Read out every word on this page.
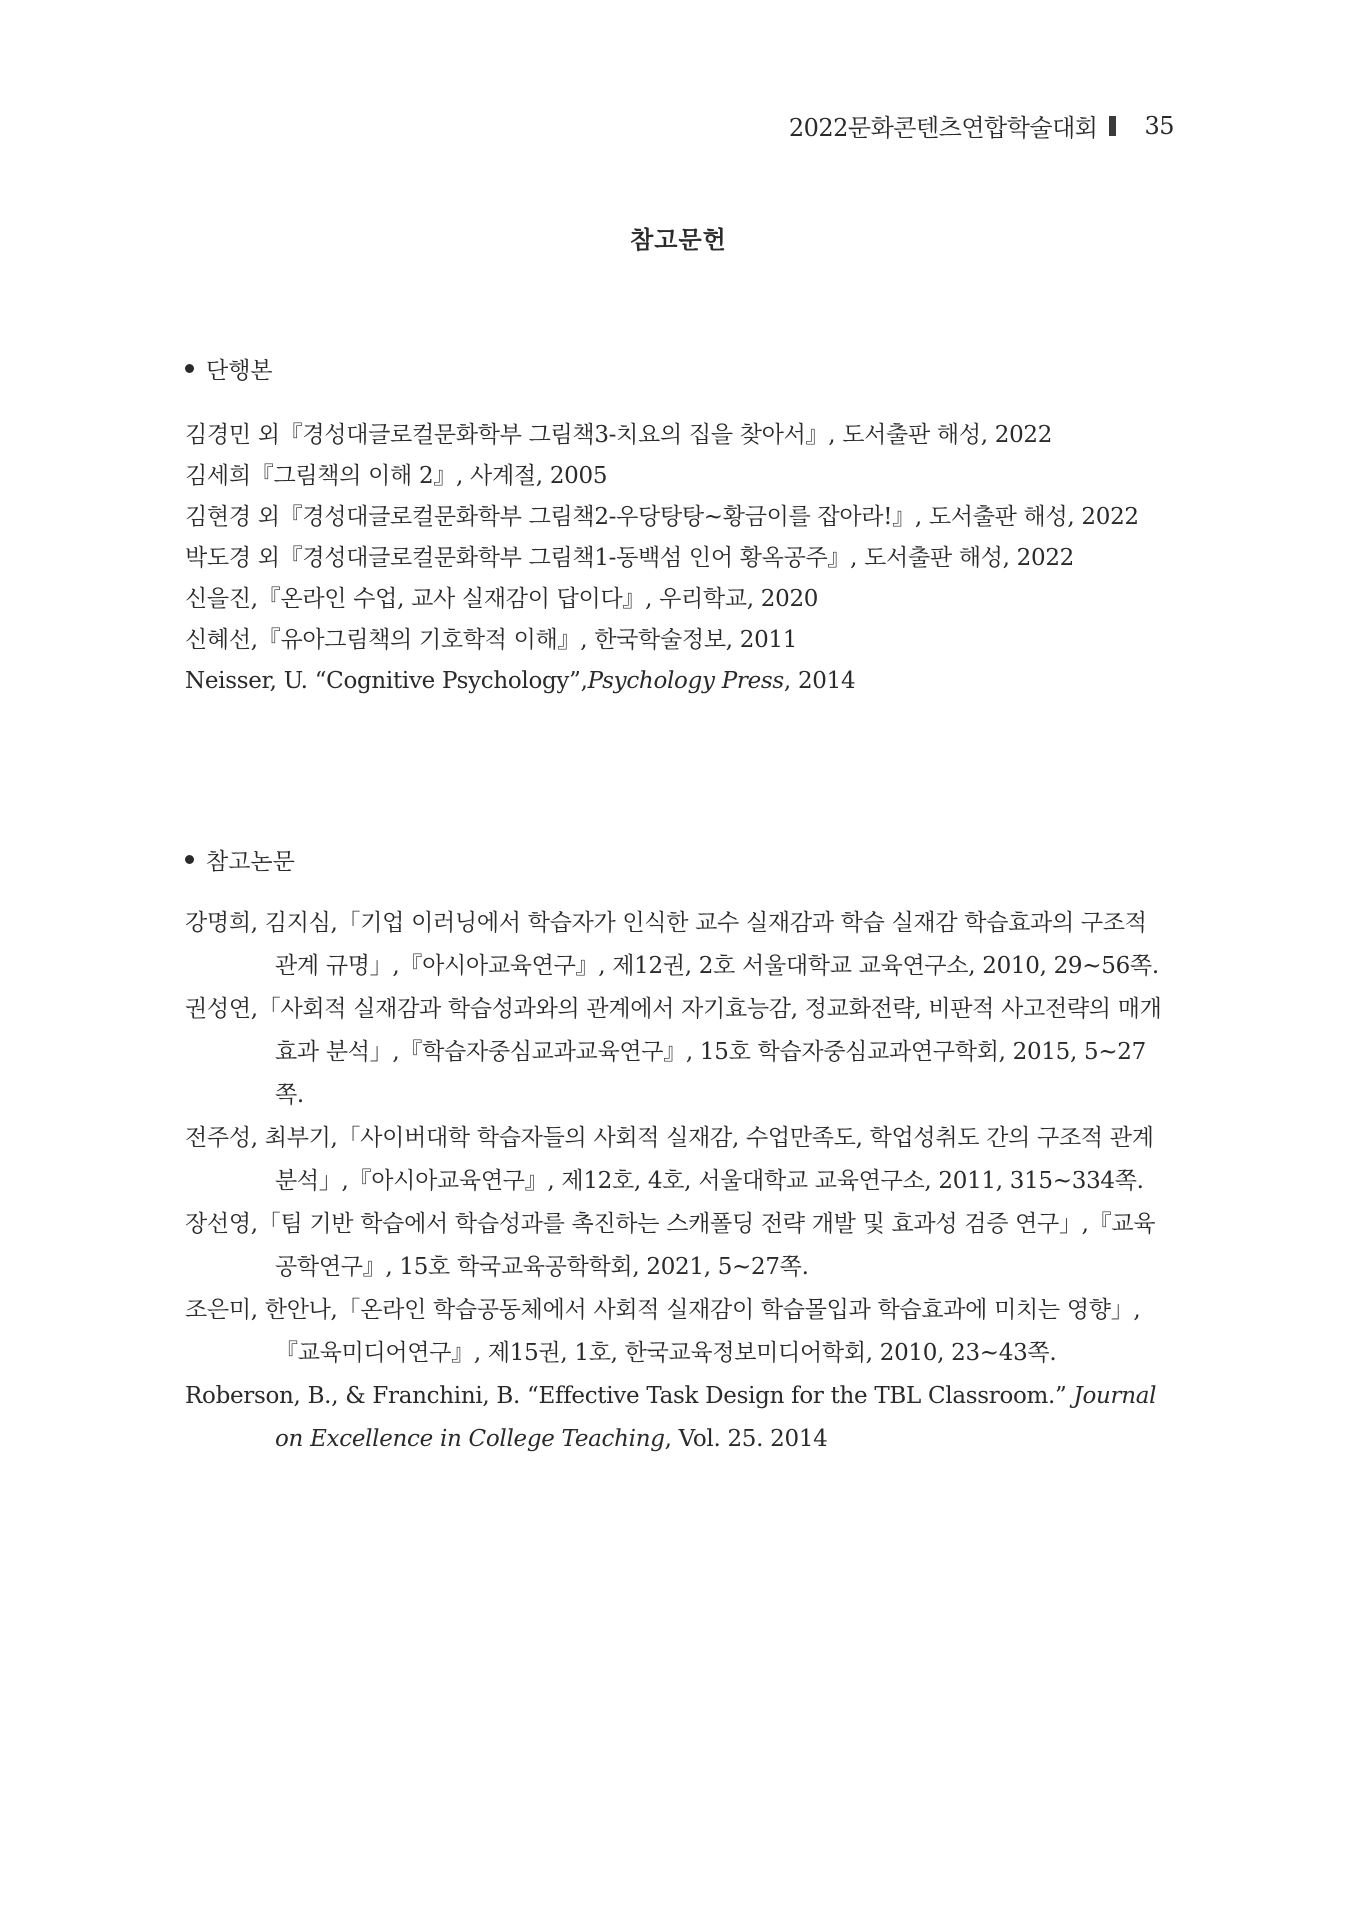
2022문화콘텐츠연합학술대회 35
참고문헌
단행본

김경민 외『경성대글로컬문화학부 그림책3-치요의 집을 찾아서』, 도서출판 해성, 2022

김세희『그림책의 이해 2』, 사계절, 2005

김현경 외『경성대글로컬문화학부 그림책2-우당탕탕~황금이를 잡아라!』, 도서출판 해성, 2022

박도경 외『경성대글로컬문화학부 그림책1-동백섬 인어 황옥공주』, 도서출판 해성, 2022

신을진,『온라인 수업, 교사 실재감이 답이다』, 우리학교, 2020

신혜선,『유아그림책의 기호학적 이해』, 한국학술정보, 2011

Neisser, U. “Cognitive Psychology”,Psychology Press, 2014

참고논문

강명희, 김지심,「기업 이러닝에서 학습자가 인식한 교수 실재감과 학습 실재감 학습효과의 구조적 관계 규명」,『아시아교육연구』, 제12권, 2호 서울대학교 교육연구소, 2010, 29~56쪽.

권성연,「사회적 실재감과 학습성과와의 관계에서 자기효능감, 정교화전략, 비판적 사고전략의 매개효과 분석」,『학습자중심교과교육연구』, 15호 학습자중심교과연구학회, 2015, 5~27쪽.

전주성, 최부기,「사이버대학 학습자들의 사회적 실재감, 수업만족도, 학업성취도 간의 구조적 관계 분석」,『아시아교육연구』, 제12호, 4호, 서울대학교 교육연구소, 2011, 315~334쪽.

장선영,「팀 기반 학습에서 학습성과를 촉진하는 스캐폴딩 전략 개발 및 효과성 검증 연구」,『교육공학연구』, 15호 학국교육공학학회, 2021, 5~27쪽.

조은미, 한안나,「온라인 학습공동체에서 사회적 실재감이 학습몰입과 학습효과에 미치는 영향」,『교육미디어연구』, 제15권, 1호, 한국교육정보미디어학회, 2010, 23~43쪽.

Roberson, B., & Franchini, B. “Effective Task Design for the TBL Classroom.” Journal on Excellence in College Teaching, Vol. 25. 2014
